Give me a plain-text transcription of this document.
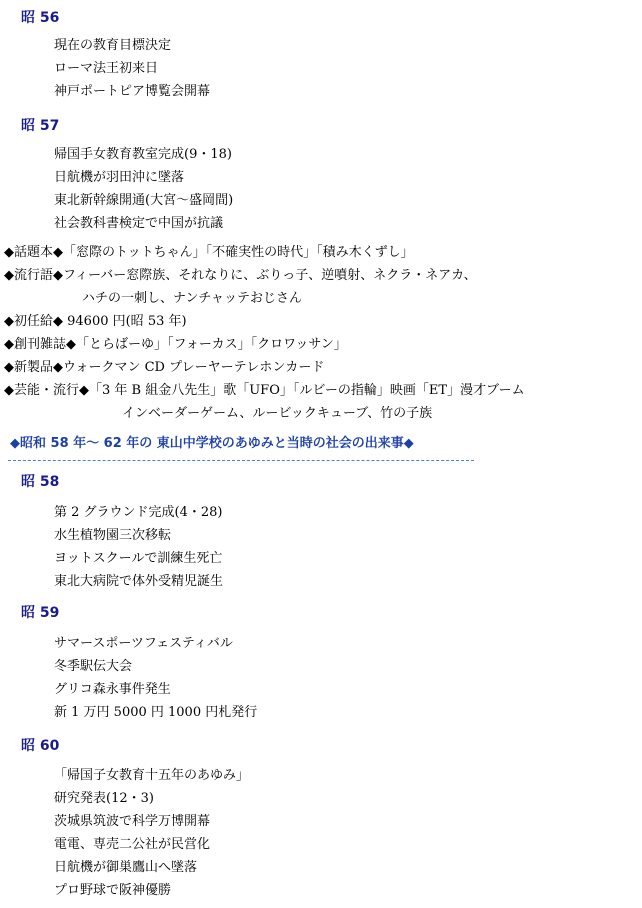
昭 56
現在の教育目標決定
ローマ法王初来日
神戸ポートピア博覧会開幕
昭 57
帰国手女教育教室完成(9・18)
日航機が羽田沖に墜落
東北新幹線開通(大宮～盛岡間)
社会教科書検定で中国が抗議
◆話題本◆「窓際のトットちゃん」「不確実性の時代」「積み木くずし」
◆流行語◆フィーバー窓際族、それなりに、ぶりっ子、逆噴射、ネクラ・ネアカ、
ハチの一刺し、ナンチャッテおじさん
◆初任給◆ 94600 円(昭 53 年)
◆創刊雑誌◆「とらばーゆ」「フォーカス」「クロワッサン」
◆新製品◆ウォークマン CD プレーヤーテレホンカード
◆芸能・流行◆「3 年 B 組金八先生」歌「UFO」「ルビーの指輪」映画「ET」漫才ブーム
インベーダーゲーム、ルービックキューブ、竹の子族
◆昭和 58 年～ 62 年の 東山中学校のあゆみと当時の社会の出来事◆
昭 58
第 2 グラウンド完成(4・28)
水生植物園三次移転
ヨットスクールで訓練生死亡
東北大病院で体外受精児誕生
昭 59
サマースポーツフェスティバル
冬季駅伝大会
グリコ森永事件発生
新 1 万円 5000 円 1000 円札発行
昭 60
「帰国子女教育十五年のあゆみ」
研究発表(12・3)
茨城県筑波で科学万博開幕
電電、専売二公社が民営化
日航機が御巣鷹山へ墜落
プロ野球で阪神優勝
